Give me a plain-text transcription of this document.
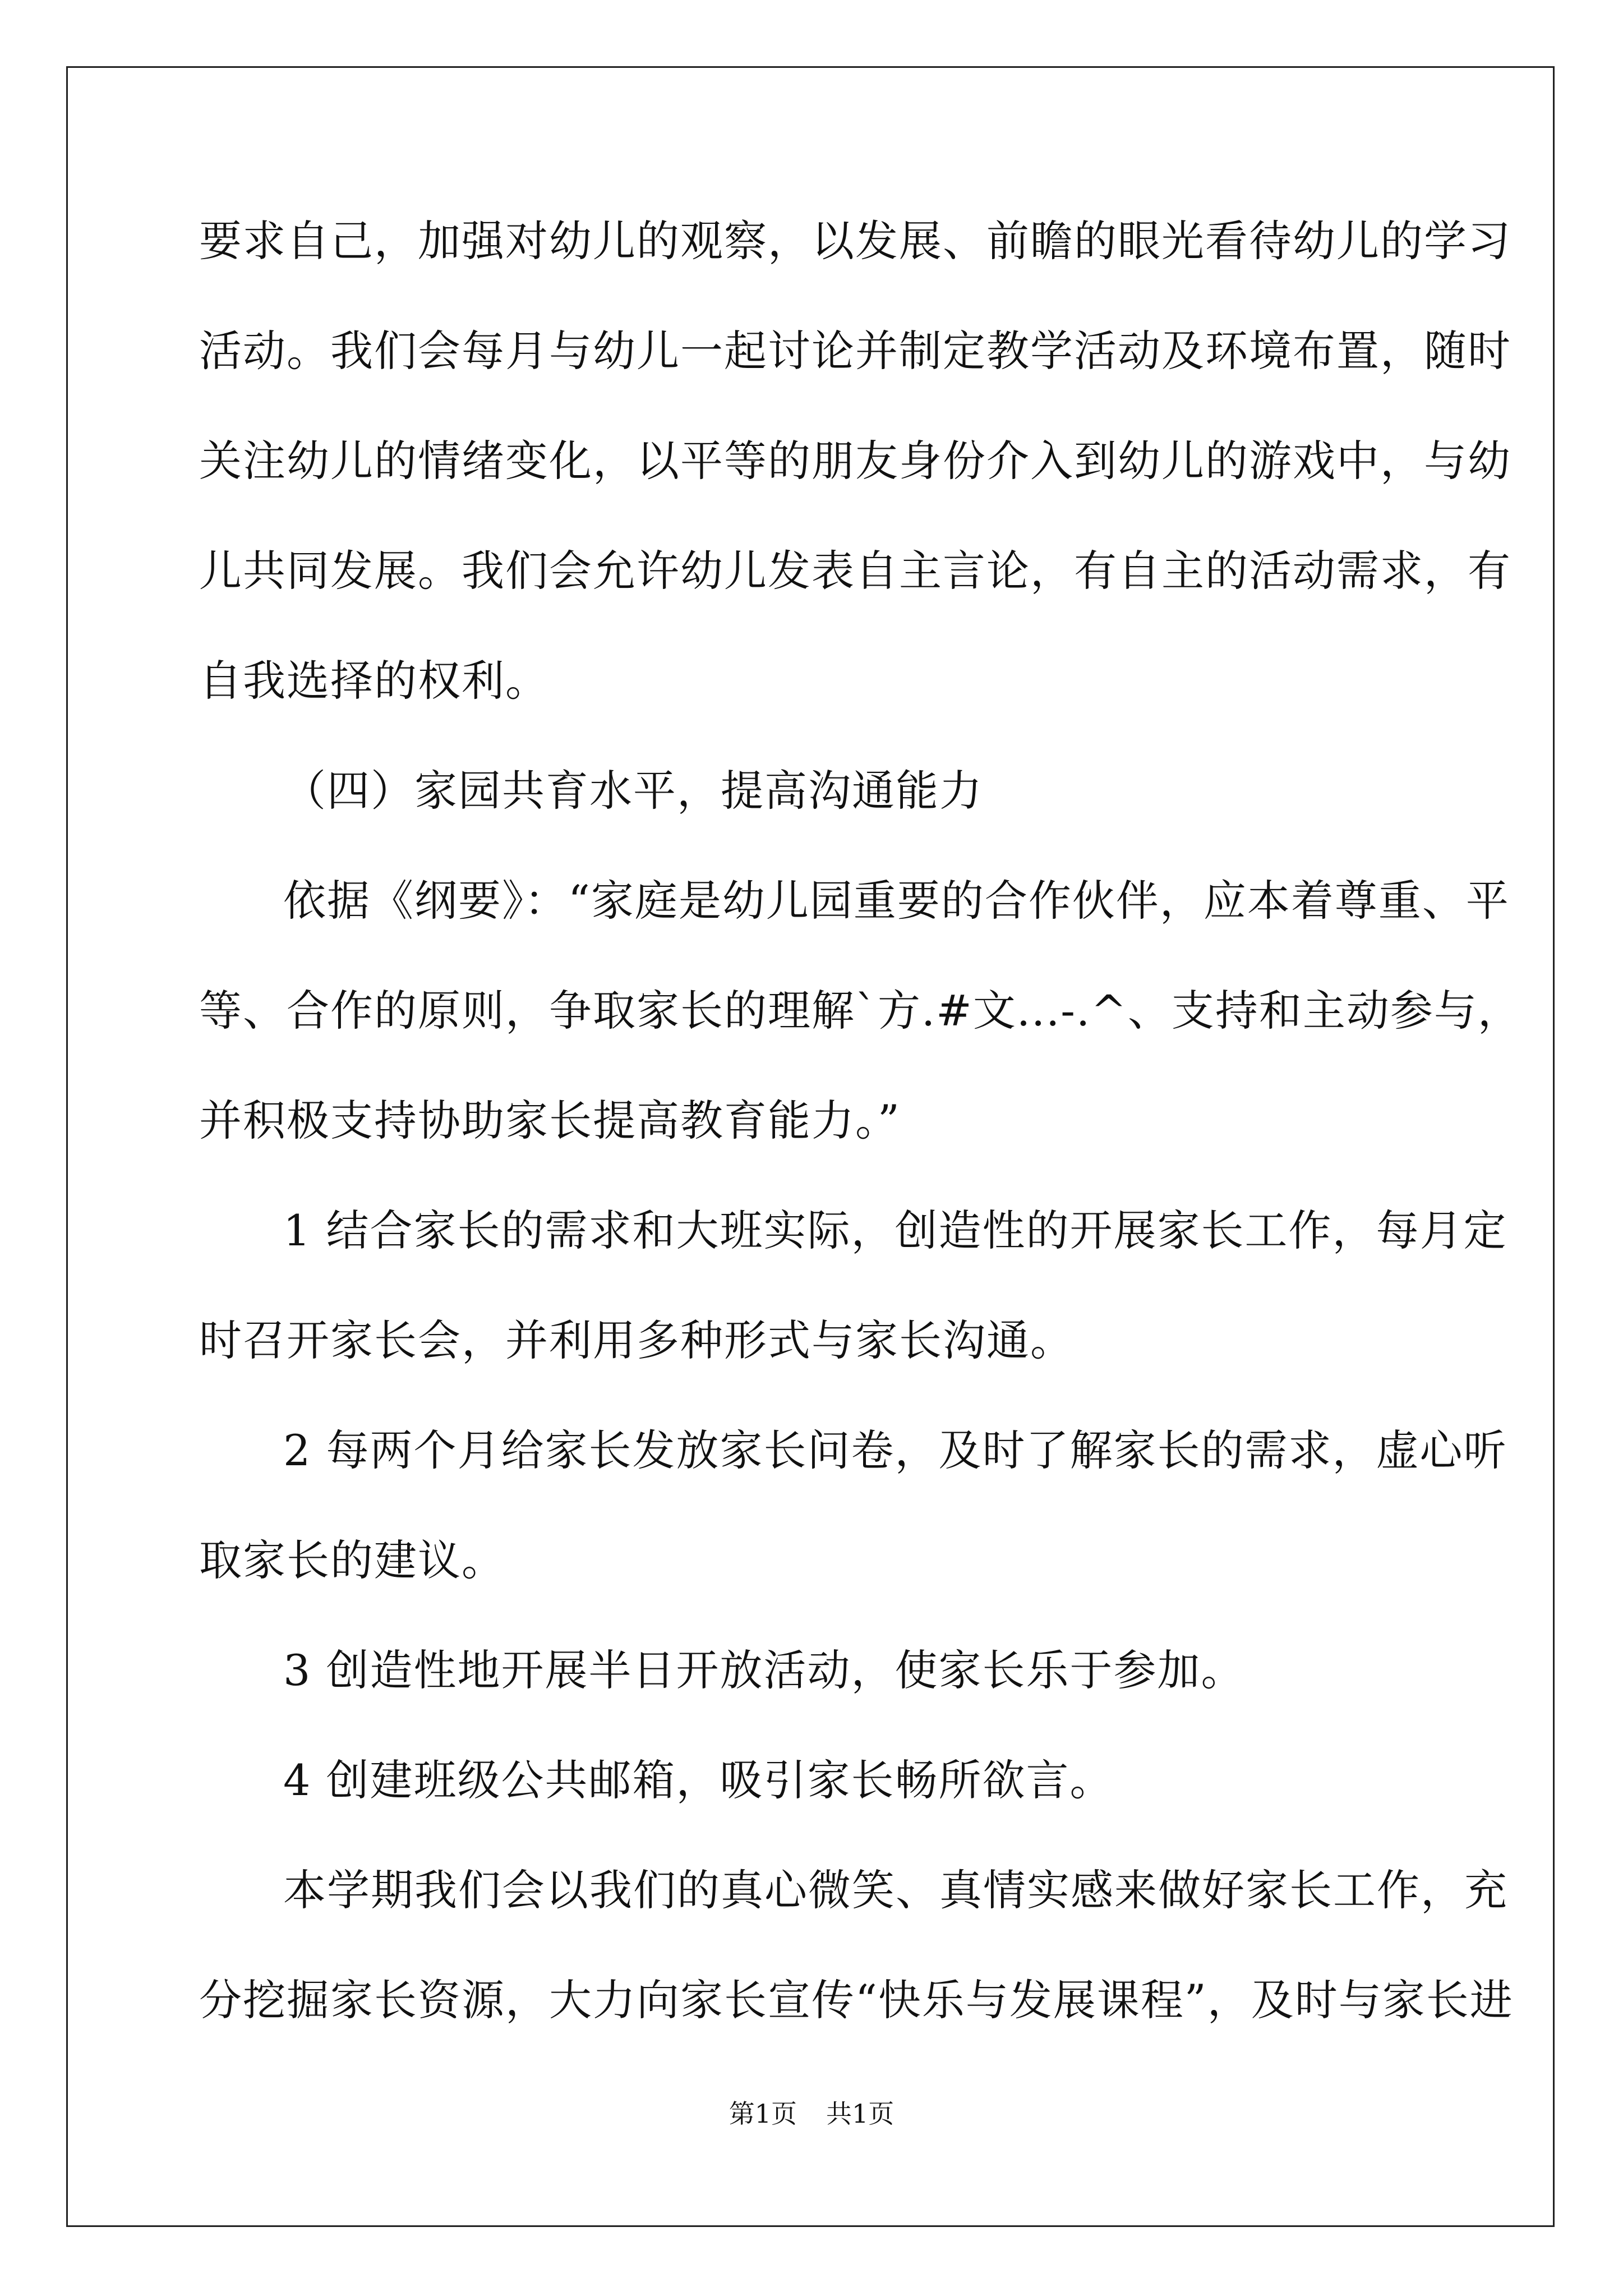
要求自己，加强对幼儿的观察，以发展、前瞻的眼光看待幼儿的学习
活动。我们会每月与幼儿一起讨论并制定教学活动及环境布置，随时
关注幼儿的情绪变化，以平等的朋友身份介入到幼儿的游戏中，与幼
儿共同发展。我们会允许幼儿发表自主言论，有自主的活动需求，有
自我选择的权利。
（四）家园共育水平，提高沟通能力
依据《纲要》：“家庭是幼儿园重要的合作伙伴，应本着尊重、平
等、合作的原则，争取家长的理解`方.#文...-.^、支持和主动参与，
并积极支持协助家长提高教育能力。”
1 结合家长的需求和大班实际，创造性的开展家长工作，每月定
时召开家长会，并利用多种形式与家长沟通。
2 每两个月给家长发放家长问卷，及时了解家长的需求，虚心听
取家长的建议。
3 创造性地开展半日开放活动，使家长乐于参加。
4 创建班级公共邮箱，吸引家长畅所欲言。
本学期我们会以我们的真心微笑、真情实感来做好家长工作，充
分挖掘家长资源，大力向家长宣传“快乐与发展课程”，及时与家长进
第1页 共1页
